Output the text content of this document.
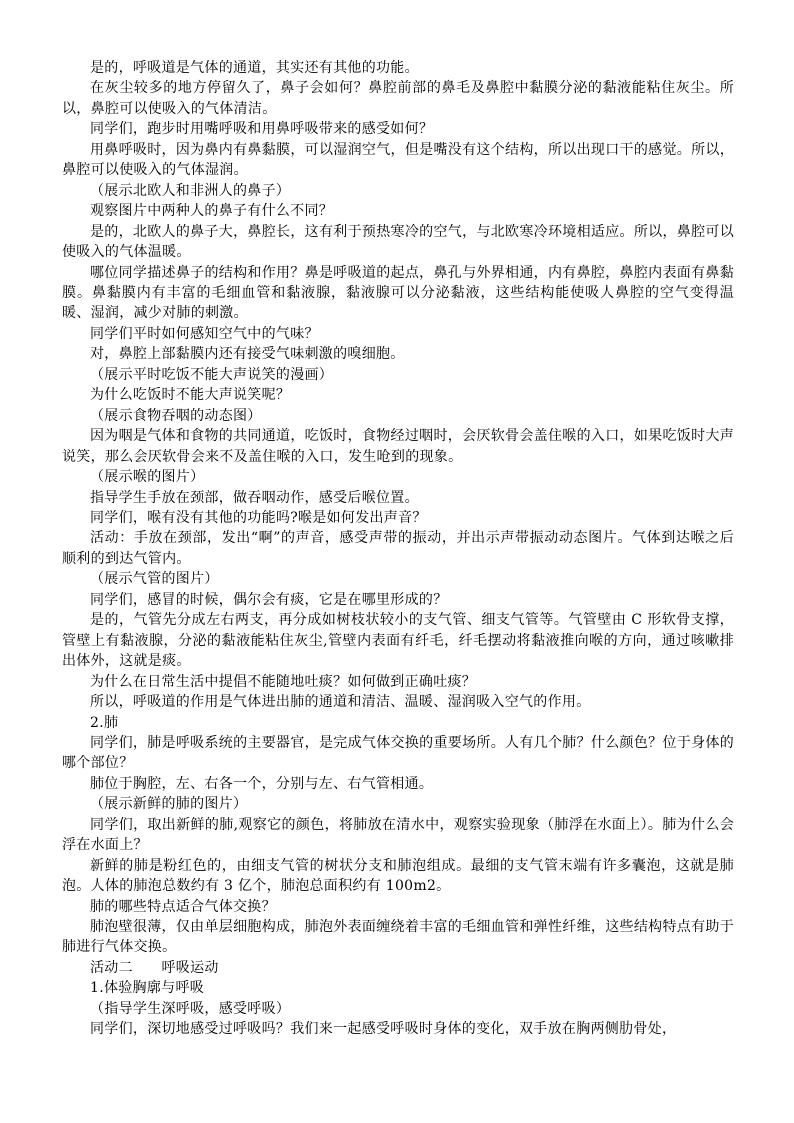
是的，呼吸道是气体的通道，其实还有其他的功能。

在灰尘较多的地方停留久了，鼻子会如何？鼻腔前部的鼻毛及鼻腔中黏膜分泌的黏液能粘住灰尘。所以，鼻腔可以使吸入的气体清洁。

同学们，跑步时用嘴呼吸和用鼻呼吸带来的感受如何？

用鼻呼吸时，因为鼻内有鼻黏膜，可以湿润空气，但是嘴没有这个结构，所以出现口干的感觉。所以，鼻腔可以使吸入的气体湿润。

（展示北欧人和非洲人的鼻子）

观察图片中两种人的鼻子有什么不同？

是的，北欧人的鼻子大，鼻腔长，这有利于预热寒冷的空气，与北欧寒冷环境相适应。所以，鼻腔可以使吸入的气体温暖。

哪位同学描述鼻子的结构和作用？鼻是呼吸道的起点，鼻孔与外界相通，内有鼻腔，鼻腔内表面有鼻黏膜。鼻黏膜内有丰富的毛细血管和黏液腺，黏液腺可以分泌黏液，这些结构能使吸人鼻腔的空气变得温暖、湿润，减少对肺的刺激。

同学们平时如何感知空气中的气味？

对，鼻腔上部黏膜内还有接受气味刺激的嗅细胞。

（展示平时吃饭不能大声说笑的漫画）

为什么吃饭时不能大声说笑呢？

（展示食物吞咽的动态图）

因为咽是气体和食物的共同通道，吃饭时，食物经过咽时，会厌软骨会盖住喉的入口，如果吃饭时大声说笑，那么会厌软骨会来不及盖住喉的入口，发生呛到的现象。

（展示喉的图片）

指导学生手放在颈部，做吞咽动作，感受后喉位置。

同学们，喉有没有其他的功能吗?喉是如何发出声音？

活动：手放在颈部，发出“啊”的声音，感受声带的振动，并出示声带振动动态图片。气体到达喉之后顺利的到达气管内。

（展示气管的图片）

同学们，感冒的时候，偶尔会有痰，它是在哪里形成的？

是的，气管先分成左右两支，再分成如树枝状较小的支气管、细支气管等。气管壁由 C 形软骨支撑，管壁上有黏液腺，分泌的黏液能粘住灰尘,管壁内表面有纤毛，纤毛摆动将黏液推向喉的方向，通过咳嗽排出体外，这就是痰。

为什么在日常生活中提倡不能随地吐痰？如何做到正确吐痰？

所以，呼吸道的作用是气体进出肺的通道和清洁、温暖、湿润吸入空气的作用。

2.肺

同学们，肺是呼吸系统的主要器官，是完成气体交换的重要场所。人有几个肺？什么颜色？位于身体的哪个部位？

肺位于胸腔，左、右各一个，分别与左、右气管相通。

（展示新鲜的肺的图片）

同学们，取出新鲜的肺,观察它的颜色，将肺放在清水中，观察实验现象（肺浮在水面上）。肺为什么会浮在水面上？

新鲜的肺是粉红色的，由细支气管的树状分支和肺泡组成。最细的支气管末端有许多囊泡，这就是肺泡。人体的肺泡总数约有 3 亿个，肺泡总面积约有 100m2。

肺的哪些特点适合气体交换？

肺泡壁很薄，仅由单层细胞构成，肺泡外表面缠绕着丰富的毛细血管和弹性纤维，这些结构特点有助于肺进行气体交换。

活动二　　呼吸运动

1.体验胸廓与呼吸

（指导学生深呼吸，感受呼吸）

同学们，深切地感受过呼吸吗？我们来一起感受呼吸时身体的变化，双手放在胸两侧肋骨处，
